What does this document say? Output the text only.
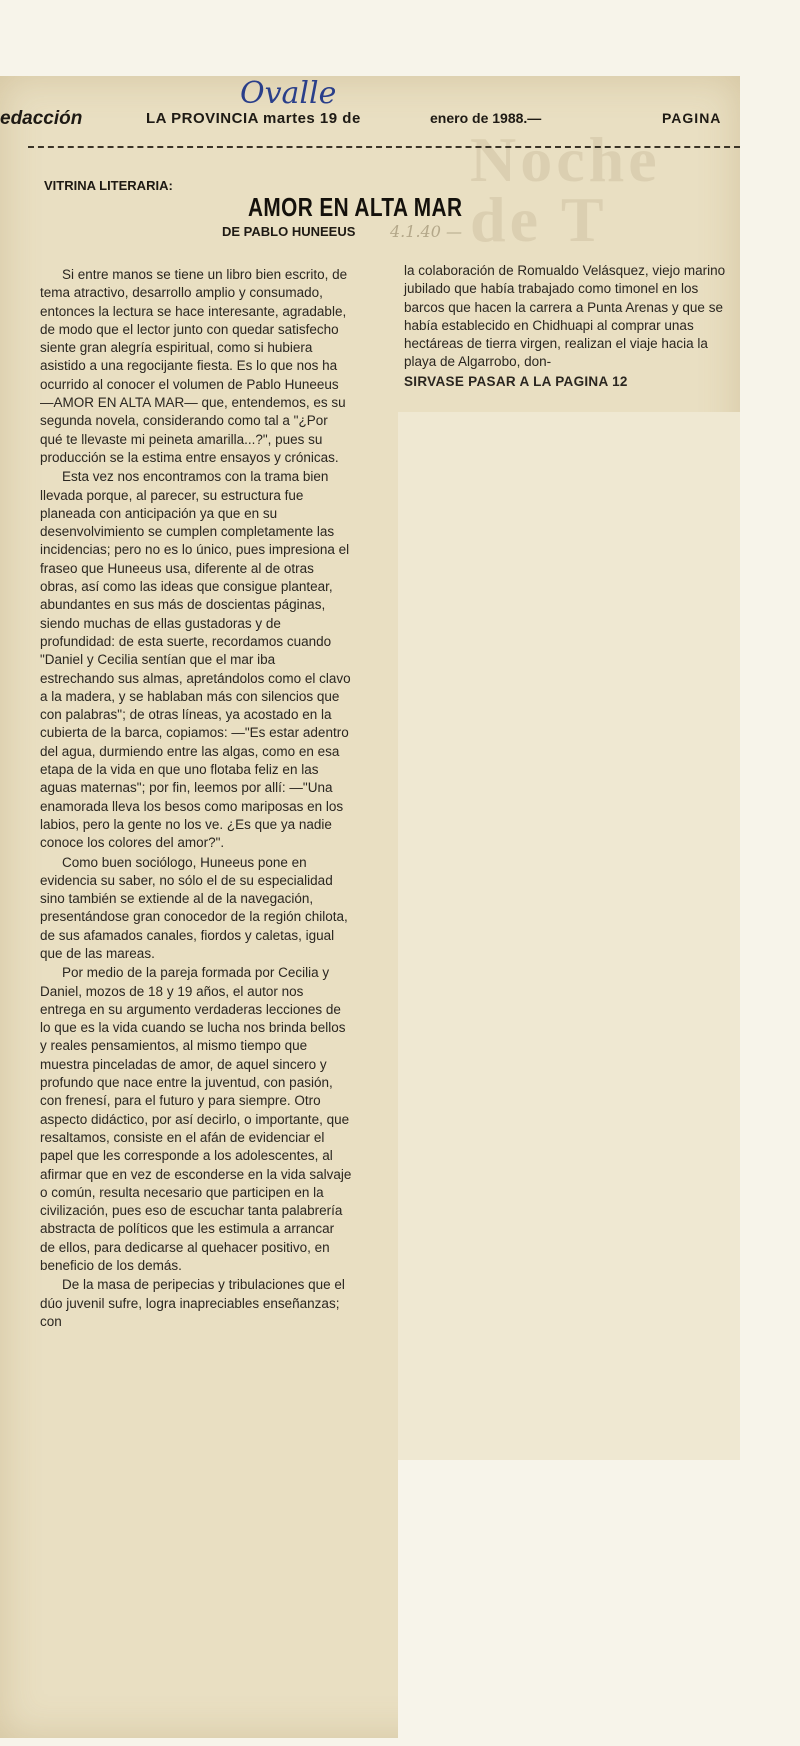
Noche
de T
Ovalle
edacción	LA PROVINCIA martes 19 de	enero de 1988.—	PAGINA
VITRINA LITERARIA:
AMOR EN ALTA MAR
DE PABLO HUNEEUS 4.1.40 —

Si entre manos se tiene un libro bien escrito, de tema atractivo, desarrollo amplio y consumado, entonces la lectura se hace interesante, agradable, de modo que el lector junto con quedar satisfecho siente gran alegría espiritual, como si hubiera asistido a una regocijante fiesta. Es lo que nos ha ocurrido al conocer el volumen de Pablo Huneeus —AMOR EN ALTA MAR— que, entendemos, es su segunda novela, considerando como tal a "¿Por qué te llevaste mi peineta amarilla...?", pues su producción se la estima entre ensayos y crónicas.

Esta vez nos encontramos con la trama bien llevada porque, al parecer, su estructura fue planeada con anticipación ya que en su desenvolvimiento se cumplen completamente las incidencias; pero no es lo único, pues impresiona el fraseo que Huneeus usa, diferente al de otras obras, así como las ideas que consigue plantear, abundantes en sus más de doscientas páginas, siendo muchas de ellas gustadoras y de profundidad: de esta suerte, recordamos cuando "Daniel y Cecilia sentían que el mar iba estrechando sus almas, apretándolos como el clavo a la madera, y se hablaban más con silencios que con palabras"; de otras líneas, ya acostado en la cubierta de la barca, copiamos: —"Es estar adentro del agua, durmiendo entre las algas, como en esa etapa de la vida en que uno flotaba feliz en las aguas maternas"; por fin, leemos por allí: —"Una enamorada lleva los besos como mariposas en los labios, pero la gente no los ve. ¿Es que ya nadie conoce los colores del amor?".

Como buen sociólogo, Huneeus pone en evidencia su saber, no sólo el de su especialidad sino también se extiende al de la navegación, presentándose gran conocedor de la región chilota, de sus afamados canales, fiordos y caletas, igual que de las mareas.

Por medio de la pareja formada por Cecilia y Daniel, mozos de 18 y 19 años, el autor nos entrega en su argumento verdaderas lecciones de lo que es la vida cuando se lucha nos brinda bellos y reales pensamientos, al mismo tiempo que muestra pinceladas de amor, de aquel sincero y profundo que nace entre la juventud, con pasión, con frenesí, para el futuro y para siempre. Otro aspecto didáctico, por así decirlo, o importante, que resaltamos, consiste en el afán de evidenciar el papel que les corresponde a los adolescentes, al afirmar que en vez de esconderse en la vida salvaje o común, resulta necesario que participen en la civilización, pues eso de escuchar tanta palabrería abstracta de políticos que les estimula a arrancar de ellos, para dedicarse al quehacer positivo, en beneficio de los demás.

De la masa de peripecias y tribulaciones que el dúo juvenil sufre, logra inapreciables enseñanzas; con

la colaboración de Romualdo Velásquez, viejo marino jubilado que había trabajado como timonel en los barcos que hacen la carrera a Punta Arenas y que se había establecido en Chidhuapi al comprar unas hectáreas de tierra virgen, realizan el viaje hacia la playa de Algarrobo, don-
SIRVASE PASAR A LA PAGINA 12
